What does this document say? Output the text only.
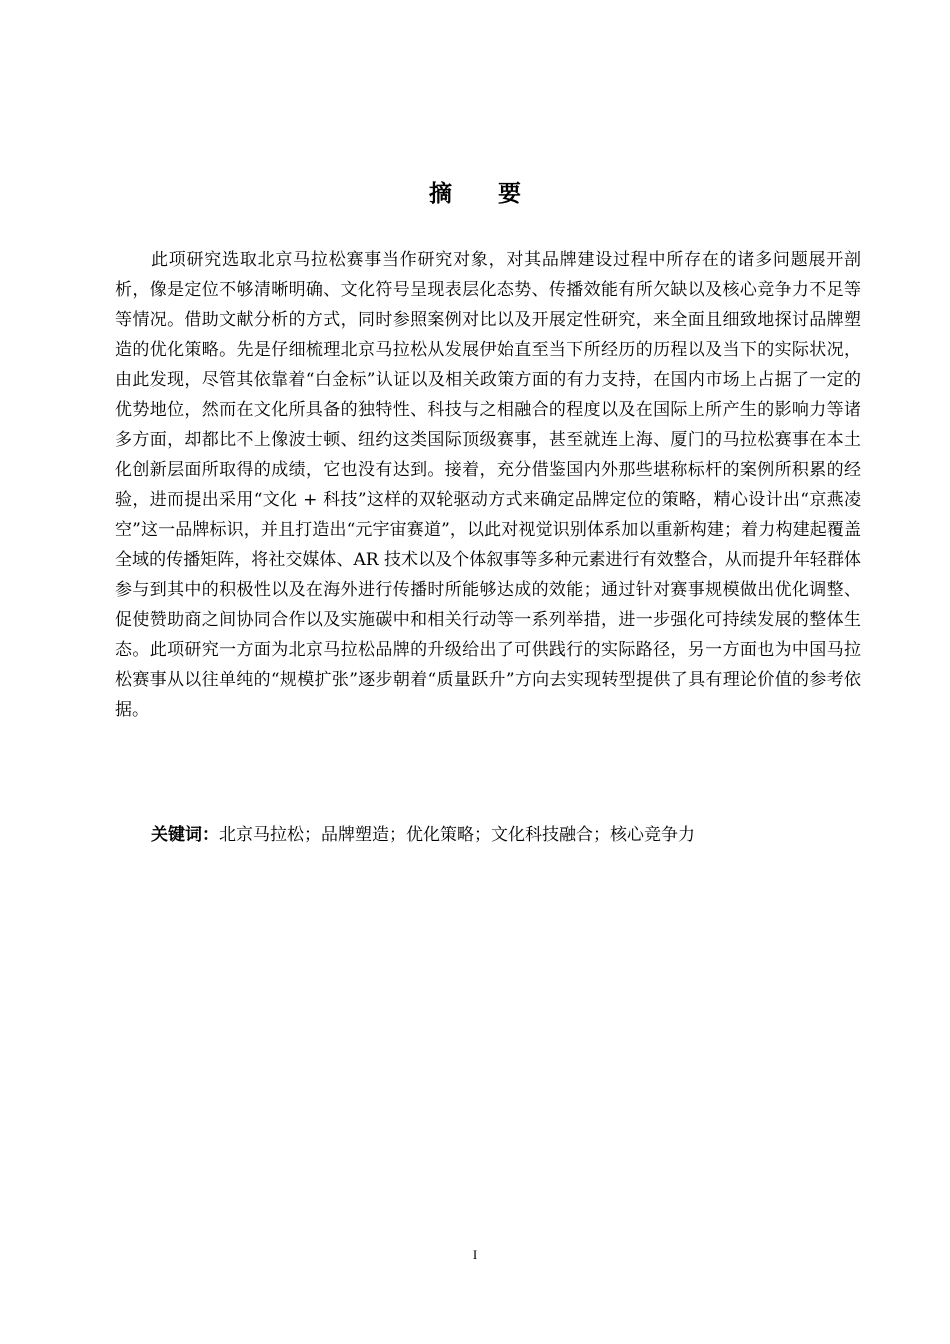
摘 要

此项研究选取北京马拉松赛事当作研究对象，对其品牌建设过程中所存在的诸多问题展开剖析，像是定位不够清晰明确、文化符号呈现表层化态势、传播效能有所欠缺以及核心竞争力不足等等情况。借助文献分析的方式，同时参照案例对比以及开展定性研究，来全面且细致地探讨品牌塑造的优化策略。先是仔细梳理北京马拉松从发展伊始直至当下所经历的历程以及当下的实际状况，由此发现，尽管其依靠着“白金标”认证以及相关政策方面的有力支持，在国内市场上占据了一定的优势地位，然而在文化所具备的独特性、科技与之相融合的程度以及在国际上所产生的影响力等诸多方面，却都比不上像波士顿、纽约这类国际顶级赛事，甚至就连上海、厦门的马拉松赛事在本土化创新层面所取得的成绩，它也没有达到。接着，充分借鉴国内外那些堪称标杆的案例所积累的经验，进而提出采用“文化 + 科技”这样的双轮驱动方式来确定品牌定位的策略，精心设计出“京燕凌空”这一品牌标识，并且打造出“元宇宙赛道”，以此对视觉识别体系加以重新构建；着力构建起覆盖全域的传播矩阵，将社交媒体、AR 技术以及个体叙事等多种元素进行有效整合，从而提升年轻群体参与到其中的积极性以及在海外进行传播时所能够达成的效能；通过针对赛事规模做出优化调整、促使赞助商之间协同合作以及实施碳中和相关行动等一系列举措，进一步强化可持续发展的整体生态。此项研究一方面为北京马拉松品牌的升级给出了可供践行的实际路径，另一方面也为中国马拉松赛事从以往单纯的“规模扩张”逐步朝着“质量跃升”方向去实现转型提供了具有理论价值的参考依据。

关键词：北京马拉松；品牌塑造；优化策略；文化科技融合；核心竞争力

I
